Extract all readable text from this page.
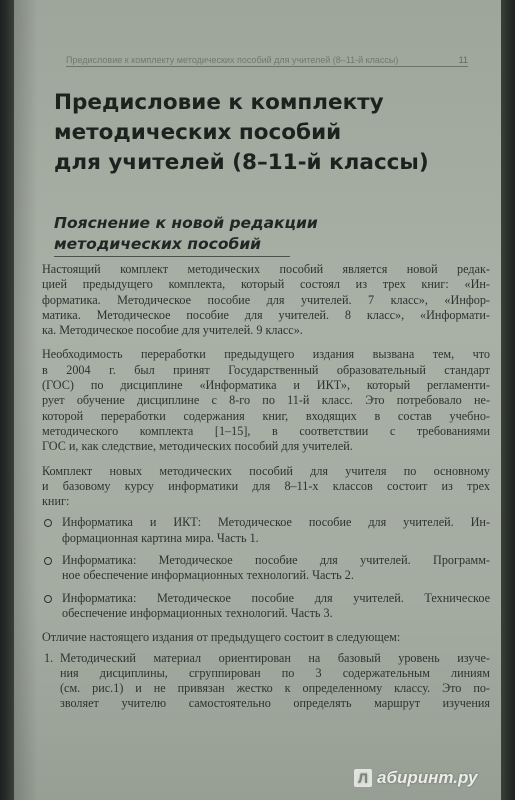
Предисловие к комплекту методических пособий для учителей (8–11-й классы)	11
Предисловие к комплекту
методических пособий
для учителей (8–11-й классы)
Пояснение к новой редакции
методических пособий
Настоящий комплект методических пособий является новой редак-
цией предыдущего комплекта, который состоял из трех книг: «Ин-
форматика. Методическое пособие для учителей. 7 класс», «Инфор-
матика. Методическое пособие для учителей. 8 класс», «Информати-
ка. Методическое пособие для учителей. 9 класс».
Необходимость переработки предыдущего издания вызвана тем, что
в 2004 г. был принят Государственный образовательный стандарт
(ГОС) по дисциплине «Информатика и ИКТ», который регламенти-
рует обучение дисциплине с 8-го по 11-й класс. Это потребовало не-
которой переработки содержания книг, входящих в состав учебно-
методического комплекта [1–15], в соответствии с требованиями
ГОС и, как следствие, методических пособий для учителей.
Комплект новых методических пособий для учителя по основному
и базовому курсу информатики для 8–11-х классов состоит из трех
книг:
Информатика и ИКТ: Методическое пособие для учителей. Ин-
формационная картина мира. Часть 1.
Информатика: Методическое пособие для учителей. Программ-
ное обеспечение информационных технологий. Часть 2.
Информатика: Методическое пособие для учителей. Техническое
обеспечение информационных технологий. Часть 3.
Отличие настоящего издания от предыдущего состоит в следующем:
1. Методический материал ориентирован на базовый уровень изуче-
ния дисциплины, сгруппирован по 3 содержательным линиям
(см. рис.1) и не привязан жестко к определенному классу. Это по-
зволяет учителю самостоятельно определять маршрут изучения
Л абиринт.ру
